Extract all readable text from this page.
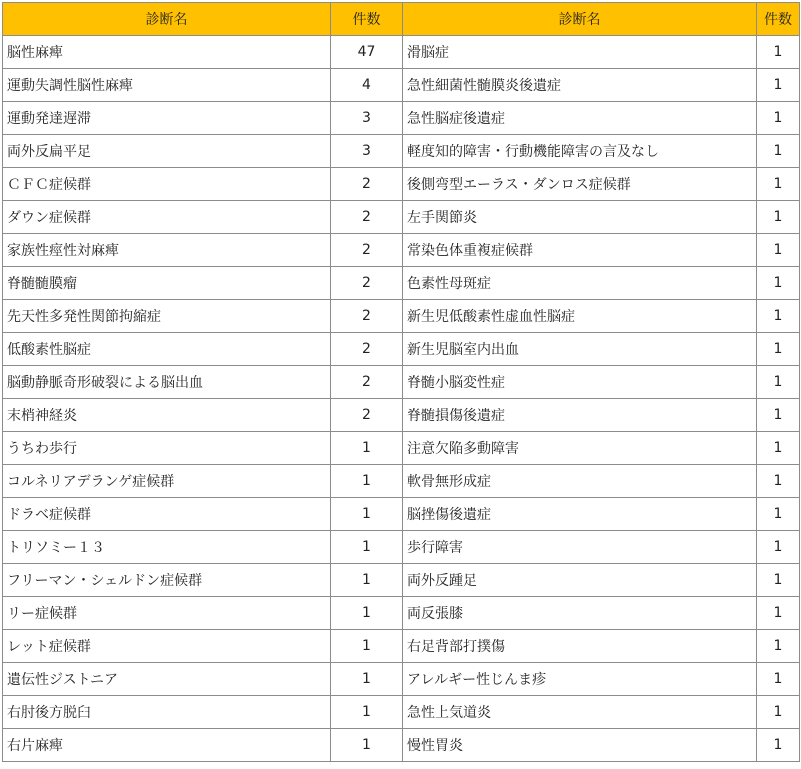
診断名	件数	診断名	件数
脳性麻痺	47	滑脳症	1
運動失調性脳性麻痺	4	急性細菌性髄膜炎後遺症	1
運動発達遅滞	3	急性脳症後遺症	1
両外反扁平足	3	軽度知的障害・行動機能障害の言及なし	1
ＣＦＣ症候群	2	後側弯型エーラス・ダンロス症候群	1
ダウン症候群	2	左手関節炎	1
家族性痙性対麻痺	2	常染色体重複症候群	1
脊髄髄膜瘤	2	色素性母斑症	1
先天性多発性関節拘縮症	2	新生児低酸素性虚血性脳症	1
低酸素性脳症	2	新生児脳室内出血	1
脳動静脈奇形破裂による脳出血	2	脊髄小脳変性症	1
末梢神経炎	2	脊髄損傷後遺症	1
うちわ歩行	1	注意欠陥多動障害	1
コルネリアデランゲ症候群	1	軟骨無形成症	1
ドラベ症候群	1	脳挫傷後遺症	1
トリソミー１３	1	歩行障害	1
フリーマン・シェルドン症候群	1	両外反踵足	1
リー症候群	1	両反張膝	1
レット症候群	1	右足背部打撲傷	1
遺伝性ジストニア	1	アレルギー性じんま疹	1
右肘後方脱臼	1	急性上気道炎	1
右片麻痺	1	慢性胃炎	1
